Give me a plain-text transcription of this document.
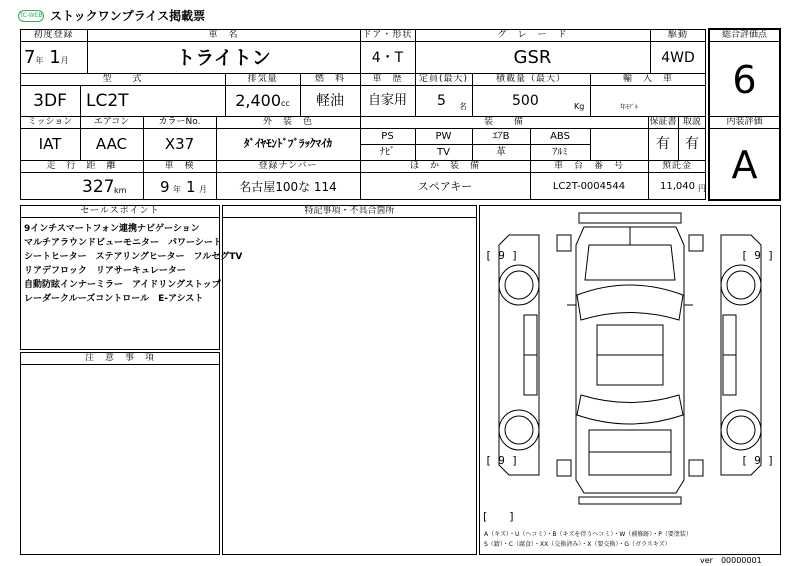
TC-WEB ストックワンプライス掲載票
初度登録	車　名	ドア・形状	グ　レ　ー　ド	駆動
7年 1月	トライトン	4・T	GSR	4WD
型　　式	排気量	燃　料	車　歴	定員(最大)	積載量（最大）	輸　入　車
3DF	LC2T	2,400cc	軽油	自家用	5 名	500	Kg	年ﾓﾃﾞﾙ
ミッション	エアコン	カラーNo.	外　装　色	装　　備	保証書 取説
IAT	AAC	X37	ﾀﾞｲﾔﾓﾝﾄﾞﾌﾞﾗｯｸﾏｲｶ
PS	PW	ｴｱB	ABS
ﾅﾋﾞ	TV	革	ｱﾙﾐ
有	有
走　行　距　離	車　検	登録ナンバー	ほ　か　装　備	車　台　番　号	預託金
327 km 9 年 1 月	名古屋100な 114	スペアキー	LC2T-0004544	11,040 円
総合評価点
6
内装評価
A
セールスポイント
9インチスマートフォン連携ナビゲーション
マルチアラウンドビューモニター　パワーシート
シートヒーター　ステアリングヒーター　フルセグTV
リアデフロック　リアサーキュレーター
自動防眩インナーミラー　アイドリングストップ
レーダークルーズコントロール　E-アシスト
注　意　事　項
特記事項・不具合箇所
[ 9 ]	[ 9 ]
[ 9 ]	[ 9 ]
[　　]
A（キズ）・U（ヘコミ）・B（キズを伴うヘコミ）・W（補修跡）・P（要塗装）
S（錆）・C（腐食）・XX（交換済み）・X（要交換）・G（ガラスキズ）
ver　00000001
